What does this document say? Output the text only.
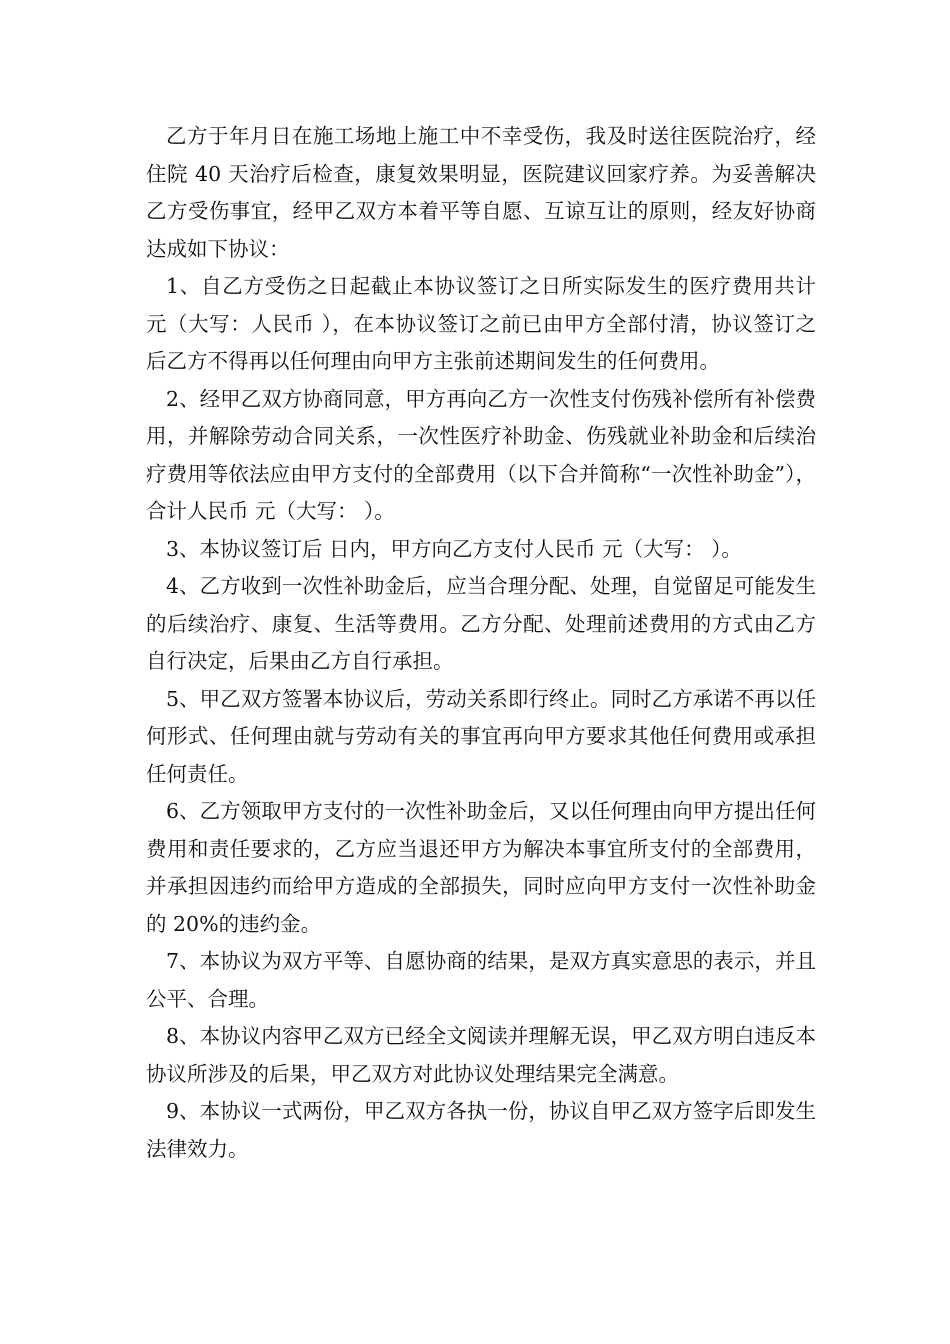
乙方于年月日在施工场地上施工中不幸受伤，我及时送往医院治疗，经住院 40 天治疗后检查，康复效果明显，医院建议回家疗养。为妥善解决乙方受伤事宜，经甲乙双方本着平等自愿、互谅互让的原则，经友好协商达成如下协议：

1、自乙方受伤之日起截止本协议签订之日所实际发生的医疗费用共计 元（大写：人民币 ），在本协议签订之前已由甲方全部付清，协议签订之后乙方不得再以任何理由向甲方主张前述期间发生的任何费用。

2、经甲乙双方协商同意，甲方再向乙方一次性支付伤残补偿所有补偿费用，并解除劳动合同关系，一次性医疗补助金、伤残就业补助金和后续治疗费用等依法应由甲方支付的全部费用（以下合并简称“一次性补助金”），合计人民币 元（大写： ）。

3、本协议签订后 日内，甲方向乙方支付人民币 元（大写： ）。

4、乙方收到一次性补助金后，应当合理分配、处理，自觉留足可能发生的后续治疗、康复、生活等费用。乙方分配、处理前述费用的方式由乙方自行决定，后果由乙方自行承担。

5、甲乙双方签署本协议后，劳动关系即行终止。同时乙方承诺不再以任何形式、任何理由就与劳动有关的事宜再向甲方要求其他任何费用或承担任何责任。

6、乙方领取甲方支付的一次性补助金后，又以任何理由向甲方提出任何费用和责任要求的，乙方应当退还甲方为解决本事宜所支付的全部费用，并承担因违约而给甲方造成的全部损失，同时应向甲方支付一次性补助金的 20%的违约金。

7、本协议为双方平等、自愿协商的结果，是双方真实意思的表示，并且公平、合理。

8、本协议内容甲乙双方已经全文阅读并理解无误，甲乙双方明白违反本协议所涉及的后果，甲乙双方对此协议处理结果完全满意。

9、本协议一式两份，甲乙双方各执一份，协议自甲乙双方签字后即发生法律效力。
